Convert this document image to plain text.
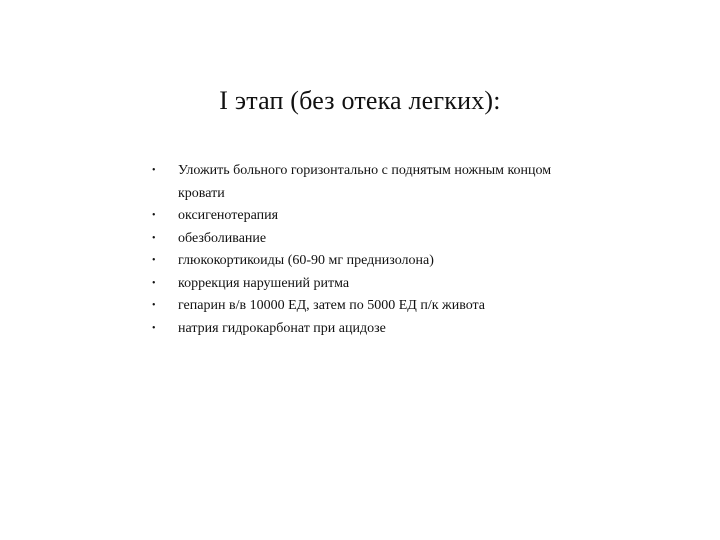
I этап (без отека легких):
• Уложить больного горизонтально с поднятым ножным концом кровати
• оксигенотерапия
• обезболивание
• глюкокортикоиды (60-90 мг преднизолона)
• коррекция нарушений ритма
• гепарин в/в 10000 ЕД, затем по 5000 ЕД п/к живота
• натрия гидрокарбонат при ацидозе
